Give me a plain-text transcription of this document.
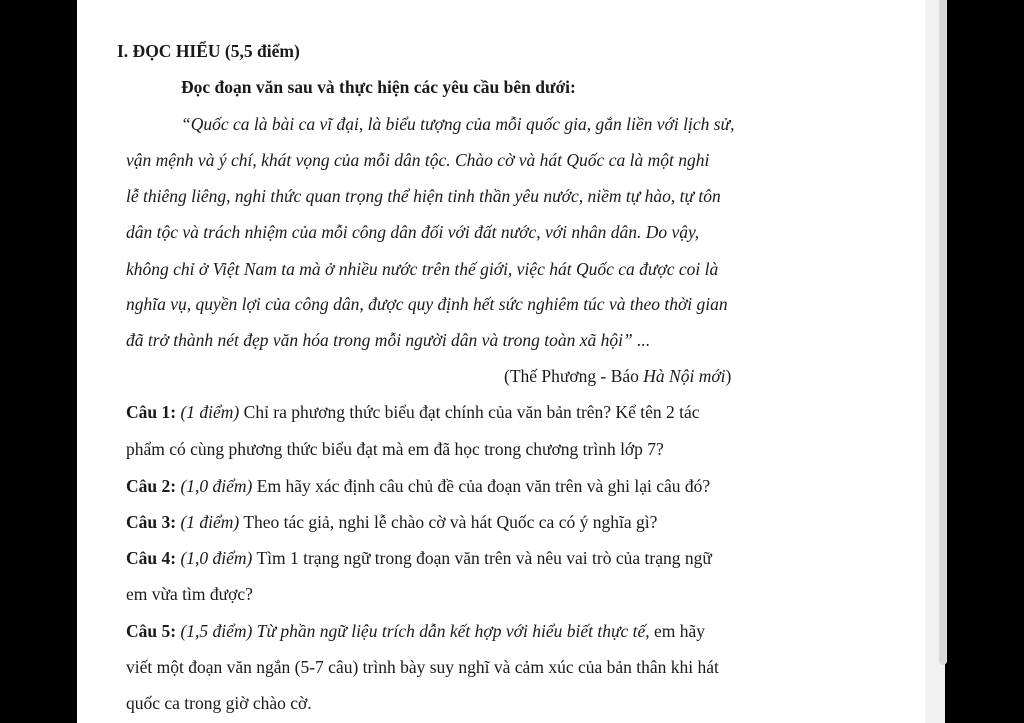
I. ĐỌC HIỂU (5,5 điểm)
Đọc đoạn văn sau và thực hiện các yêu cầu bên dưới:
“Quốc ca là bài ca vĩ đại, là biểu tượng của mỗi quốc gia, gắn liền với lịch sử,
vận mệnh và ý chí, khát vọng của mỗi dân tộc. Chào cờ và hát Quốc ca là một nghi
lễ thiêng liêng, nghi thức quan trọng thể hiện tinh thần yêu nước, niềm tự hào, tự tôn
dân tộc và trách nhiệm của mỗi công dân đối với đất nước, với nhân dân. Do vậy,
không chỉ ở Việt Nam ta mà ở nhiều nước trên thế giới, việc hát Quốc ca được coi là
nghĩa vụ, quyền lợi của công dân, được quy định hết sức nghiêm túc và theo thời gian
đã trở thành nét đẹp văn hóa trong mỗi người dân và trong toàn xã hội” ...
(Thế Phương - Báo Hà Nội mới)
Câu 1: (1 điểm) Chỉ ra phương thức biểu đạt chính của văn bản trên? Kể tên 2 tác
phẩm có cùng phương thức biểu đạt mà em đã học trong chương trình lớp 7?
Câu 2: (1,0 điểm) Em hãy xác định câu chủ đề của đoạn văn trên và ghi lại câu đó?
Câu 3: (1 điểm) Theo tác giả, nghi lễ chào cờ và hát Quốc ca có ý nghĩa gì?
Câu 4: (1,0 điểm) Tìm 1 trạng ngữ trong đoạn văn trên và nêu vai trò của trạng ngữ
em vừa tìm được?
Câu 5: (1,5 điểm) Từ phần ngữ liệu trích dẫn kết hợp với hiểu biết thực tế, em hãy
viết một đoạn văn ngắn (5-7 câu) trình bày suy nghĩ và cảm xúc của bản thân khi hát
quốc ca trong giờ chào cờ.
